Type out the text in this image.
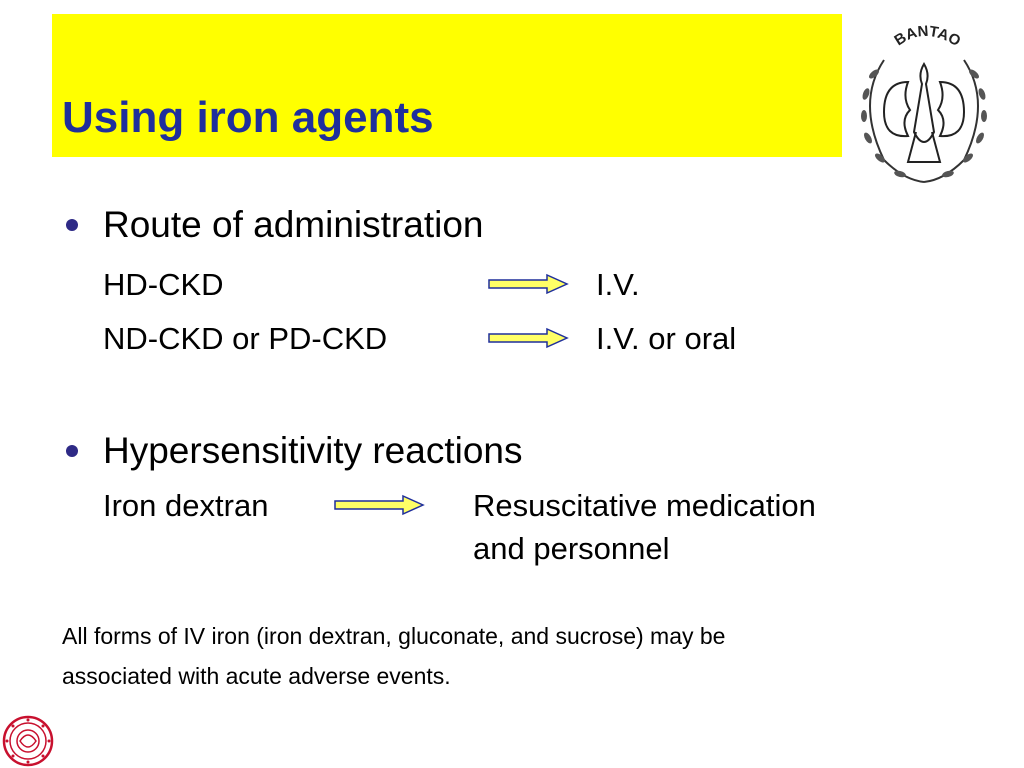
Using iron agents
BANTAO
Route of administration
HD-CKD	I.V.
ND-CKD or PD-CKD	I.V. or oral
Hypersensitivity reactions
Iron dextran	Resuscitative medication
and personnel
All forms of IV iron (iron dextran, gluconate, and sucrose) may be
associated with acute adverse events.
